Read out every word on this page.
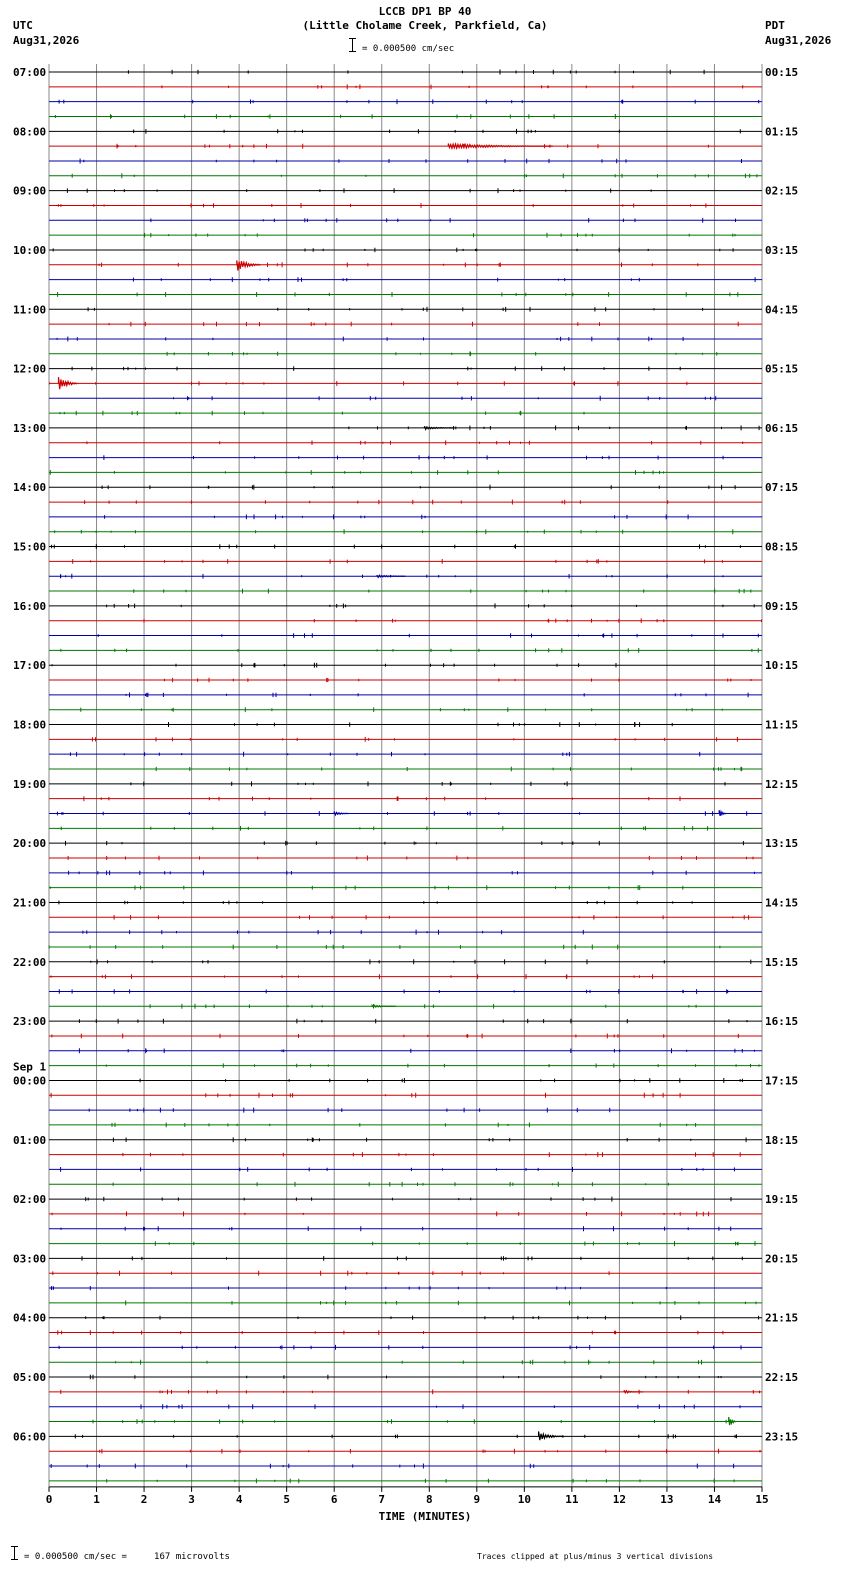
LCCB DP1 BP 40
(Little Cholame Creek, Parkfield, Ca)
UTC
Aug31,2026
PDT
Aug31,2026
= 0.000500 cm/sec
0	1	2	3	4	5	6	7	8	9	10	11	12	13	14	15
07:00	00:15
08:00	01:15
09:00	02:15
10:00	03:15
11:00	04:15
12:00	05:15
13:00	06:15
14:00	07:15
15:00	08:15
16:00	09:15
17:00	10:15
18:00	11:15
19:00	12:15
20:00	13:15
21:00	14:15
22:00	15:15
23:00	16:15
00:00	17:15
01:00	18:15
02:00	19:15
03:00	20:15
04:00	21:15
05:00	22:15
06:00	23:15
Sep 1
TIME (MINUTES)
= 0.000500 cm/sec =     167 microvolts	Traces clipped at plus/minus 3 vertical divisions
